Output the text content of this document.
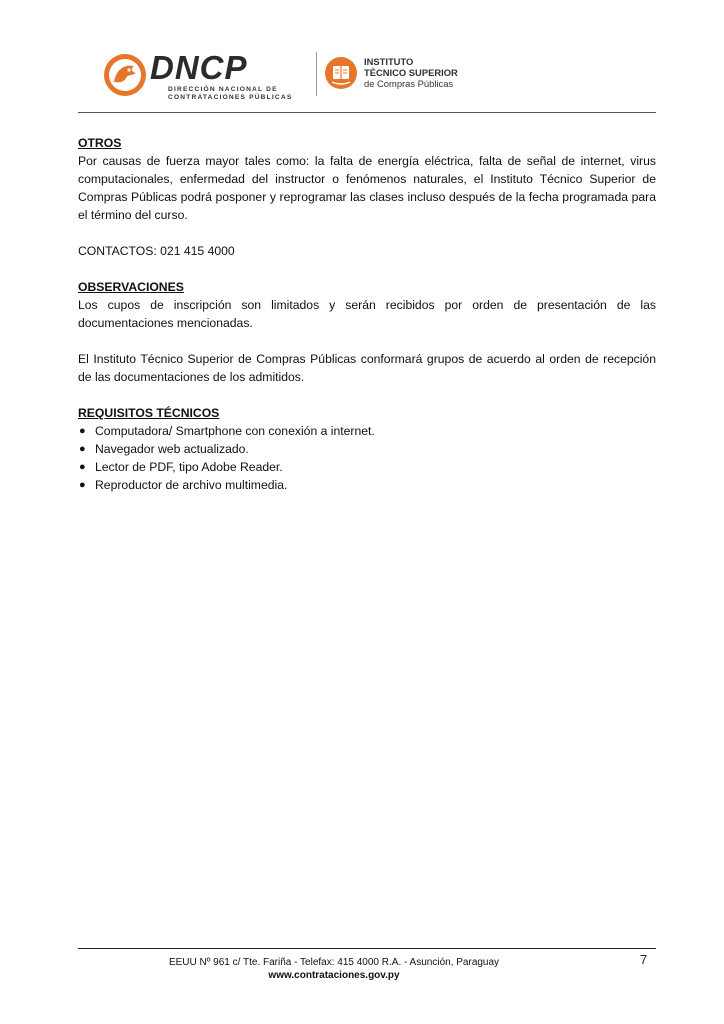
DNCP
DIRECCIÓN NACIONAL DE
CONTRATACIONES PÚBLICAS
INSTITUTO
TÉCNICO SUPERIOR
de Compras Públicas
OTROS

Por causas de fuerza mayor tales como: la falta de energía eléctrica, falta de señal de internet, virus computacionales, enfermedad del instructor o fenómenos naturales, el Instituto Técnico Superior de Compras Públicas podrá posponer y reprogramar las clases incluso después de la fecha programada para el término del curso.

CONTACTOS: 021 415 4000

OBSERVACIONES

Los cupos de inscripción son limitados y serán recibidos por orden de presentación de las documentaciones mencionadas.

El Instituto Técnico Superior de Compras Públicas conformará grupos de acuerdo al orden de recepción de las documentaciones de los admitidos.

REQUISITOS TÉCNICOS
● Computadora/ Smartphone con conexión a internet.
● Navegador web actualizado.
● Lector de PDF, tipo Adobe Reader.
● Reproductor de archivo multimedia.
EEUU Nº 961 c/ Tte. Fariña - Telefax: 415 4000 R.A. - Asunción, Paraguay
www.contrataciones.gov.py
7
